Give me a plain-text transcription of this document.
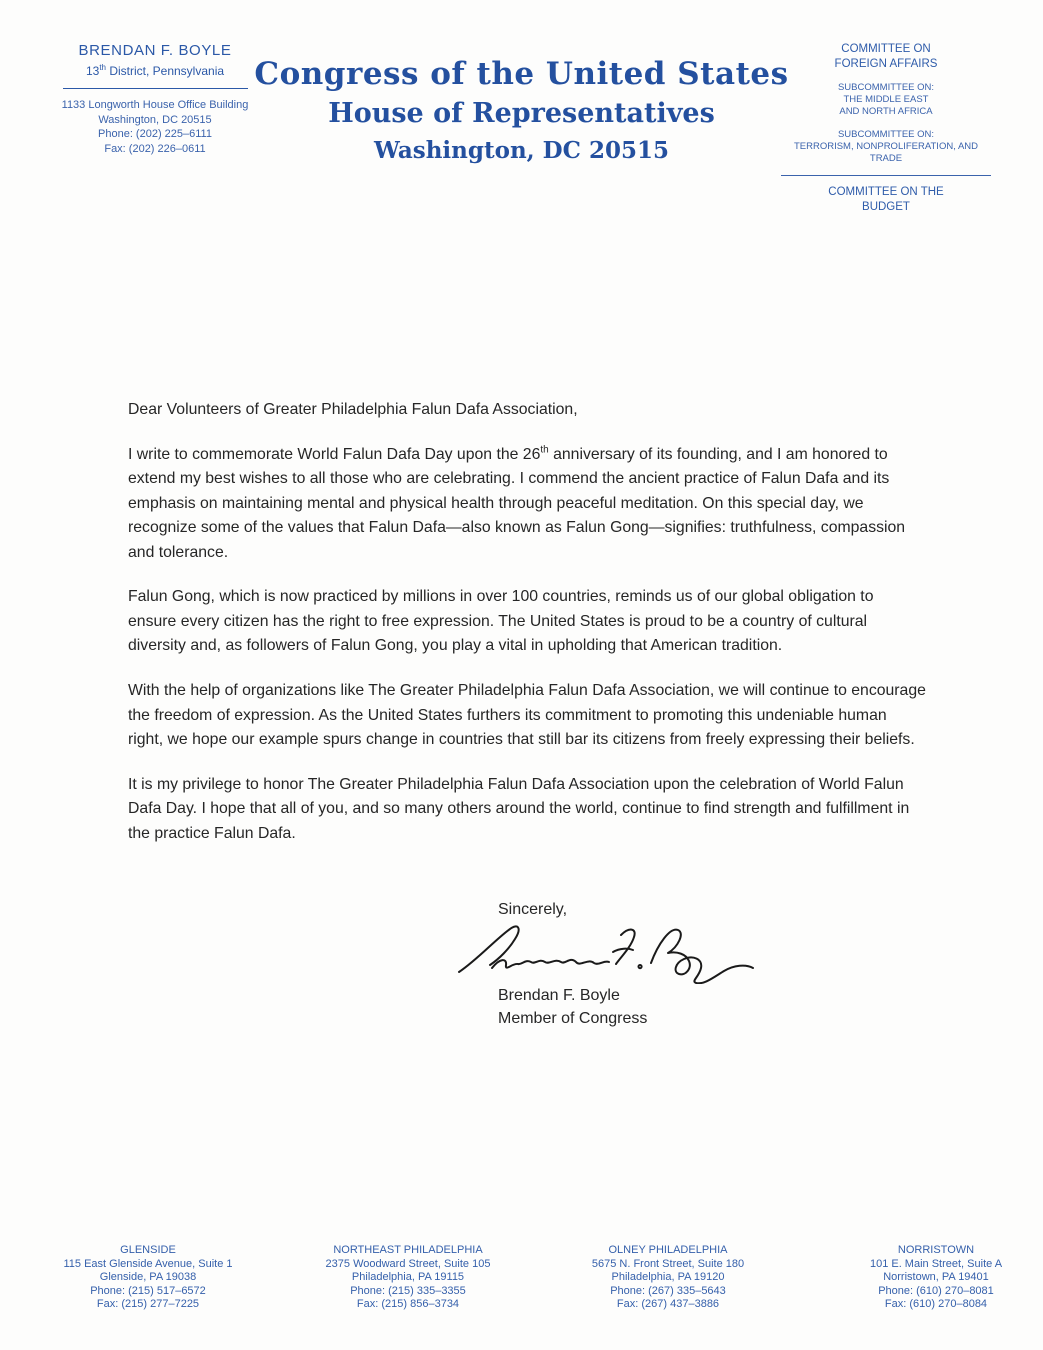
BRENDAN F. BOYLE
13th District, Pennsylvania
1133 Longworth House Office Building
Washington, DC 20515
Phone: (202) 225–6111
Fax: (202) 226–0611
Congress of the United States
House of Representatives
Washington, DC 20515
COMMITTEE ON
FOREIGN AFFAIRS
SUBCOMMITTEE ON:
THE MIDDLE EAST
AND NORTH AFRICA
SUBCOMMITTEE ON:
TERRORISM, NONPROLIFERATION, AND
TRADE
COMMITTEE ON THE
BUDGET

Dear Volunteers of Greater Philadelphia Falun Dafa Association,

I write to commemorate World Falun Dafa Day upon the 26th anniversary of its founding, and I am honored to extend my best wishes to all those who are celebrating. I commend the ancient practice of Falun Dafa and its emphasis on maintaining mental and physical health through peaceful meditation. On this special day, we recognize some of the values that Falun Dafa—also known as Falun Gong—signifies: truthfulness, compassion and tolerance.

Falun Gong, which is now practiced by millions in over 100 countries, reminds us of our global obligation to ensure every citizen has the right to free expression. The United States is proud to be a country of cultural diversity and, as followers of Falun Gong, you play a vital in upholding that American tradition.

With the help of organizations like The Greater Philadelphia Falun Dafa Association, we will continue to encourage the freedom of expression. As the United States furthers its commitment to promoting this undeniable human right, we hope our example spurs change in countries that still bar its citizens from freely expressing their beliefs.

It is my privilege to honor The Greater Philadelphia Falun Dafa Association upon the celebration of World Falun Dafa Day. I hope that all of you, and so many others around the world, continue to find strength and fulfillment in the practice Falun Dafa.

Sincerely,
Brendan F. Boyle
Member of Congress
GLENSIDE
115 East Glenside Avenue, Suite 1
Glenside, PA 19038
Phone: (215) 517–6572
Fax: (215) 277–7225
NORTHEAST PHILADELPHIA
2375 Woodward Street, Suite 105
Philadelphia, PA 19115
Phone: (215) 335–3355
Fax: (215) 856–3734
OLNEY PHILADELPHIA
5675 N. Front Street, Suite 180
Philadelphia, PA 19120
Phone: (267) 335–5643
Fax: (267) 437–3886
NORRISTOWN
101 E. Main Street, Suite A
Norristown, PA 19401
Phone: (610) 270–8081
Fax: (610) 270–8084
